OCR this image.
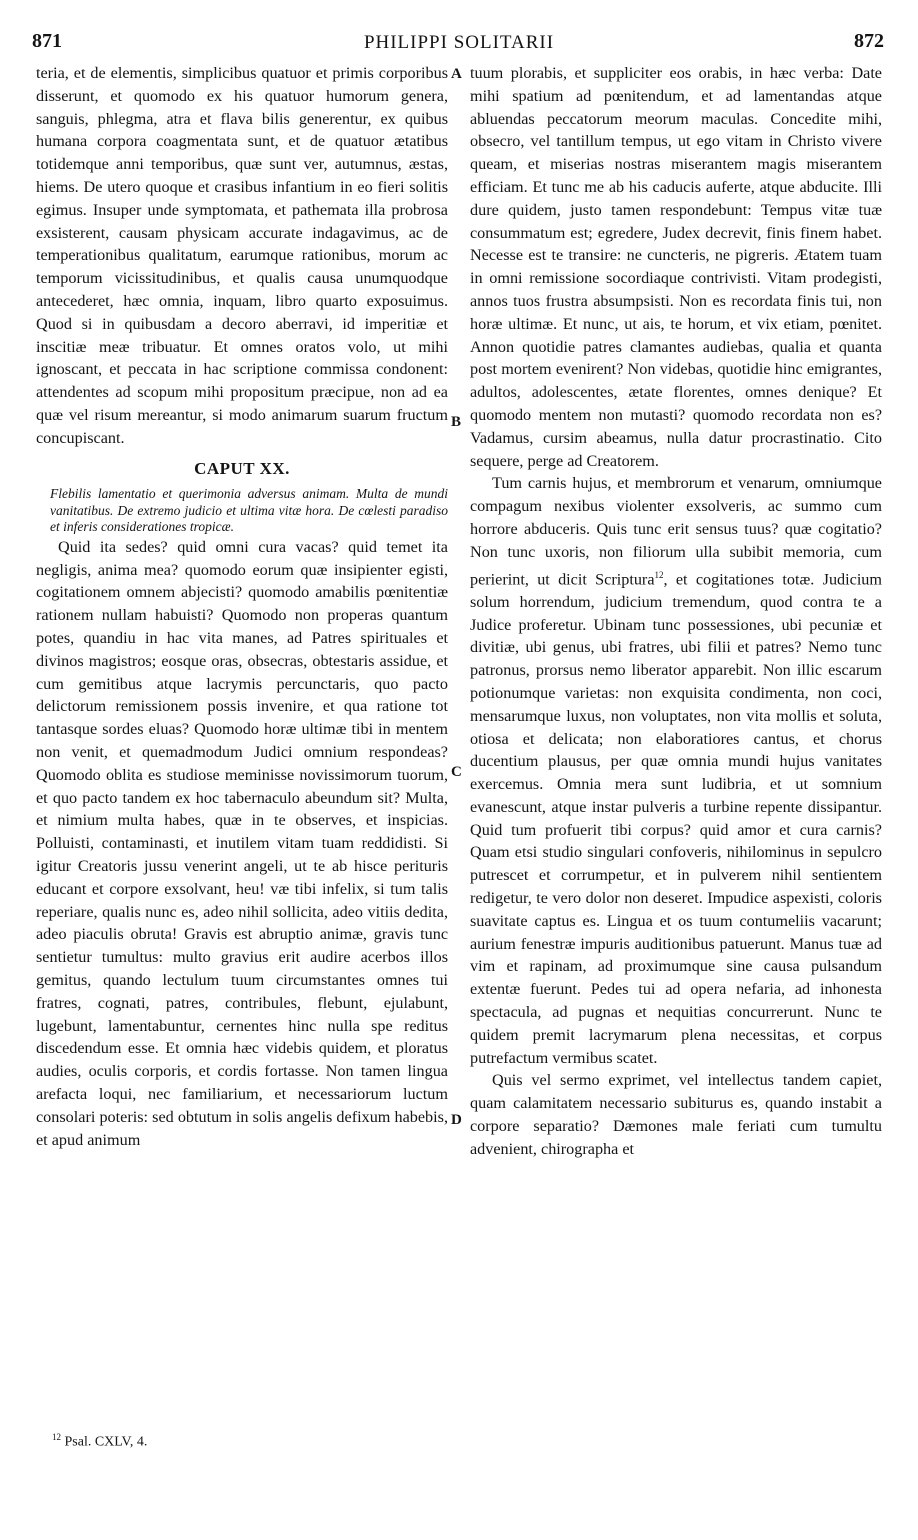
871	PHILIPPI SOLITARII	872

teria, et de elementis, simplicibus quatuor et primis corporibus disserunt, et quomodo ex his quatuor humorum genera, sanguis, phlegma, atra et flava bilis generentur, ex quibus humana corpora coagmentata sunt, et de quatuor ætatibus totidemque anni temporibus, quæ sunt ver, autumnus, æstas, hiems. De utero quoque et crasibus infantium in eo fieri solitis egimus. Insuper unde symptomata, et pathemata illa probrosa exsisterent, causam physicam accurate indagavimus, ac de temperationibus qualitatum, earumque rationibus, morum ac temporum vicissitudinibus, et qualis causa unumquodque antecederet, hæc omnia, inquam, libro quarto exposuimus. Quod si in quibusdam a decoro aberravi, id imperitiæ et inscitiæ meæ tribuatur. Et omnes oratos volo, ut mihi ignoscant, et peccata in hac scriptione commissa condonent: attendentes ad scopum mihi propositum præcipue, non ad ea quæ vel risum mereantur, si modo animarum suarum fructum concupiscant.

CAPUT XX.

Flebilis lamentatio et querimonia adversus animam. Multa de mundi vanitatibus. De extremo judicio et ultima vitæ hora. De cœlesti paradiso et inferis considerationes tropicæ.

Quid ita sedes? quid omni cura vacas? quid temet ita negligis, anima mea? quomodo eorum quæ insipienter egisti, cogitationem omnem abjecisti? quomodo amabilis pœnitentiæ rationem nullam habuisti? Quomodo non properas quantum potes, quandiu in hac vita manes, ad Patres spirituales et divinos magistros; eosque oras, obsecras, obtestaris assidue, et cum gemitibus atque lacrymis percunctaris, quo pacto delictorum remissionem possis invenire, et qua ratione tot tantasque sordes eluas? Quomodo horæ ultimæ tibi in mentem non venit, et quemadmodum Judici omnium respondeas? Quomodo oblita es studiose meminisse novissimorum tuorum, et quo pacto tandem ex hoc tabernaculo abeundum sit? Multa, et nimium multa habes, quæ in te observes, et inspicias. Polluisti, contaminasti, et inutilem vitam tuam reddidisti. Si igitur Creatoris jussu venerint angeli, ut te ab hisce perituris educant et corpore exsolvant, heu! væ tibi infelix, si tum talis reperiare, qualis nunc es, adeo nihil sollicita, adeo vitiis dedita, adeo piaculis obruta! Gravis est abruptio animæ, gravis tunc sentietur tumultus: multo gravius erit audire acerbos illos gemitus, quando lectulum tuum circumstantes omnes tui fratres, cognati, patres, contribules, flebunt, ejulabunt, lugebunt, lamentabuntur, cernentes hinc nulla spe reditus discedendum esse. Et omnia hæc videbis quidem, et ploratus audies, oculis corporis, et cordis fortasse. Non tamen lingua arefacta loqui, nec familiarium, et necessariorum luctum consolari poteris: sed obtutum in solis angelis defixum habebis, et apud animum

tuum plorabis, et suppliciter eos orabis, in hæc verba: Date mihi spatium ad pœnitendum, et ad lamentandas atque abluendas peccatorum meorum maculas. Concedite mihi, obsecro, vel tantillum tempus, ut ego vitam in Christo vivere queam, et miserias nostras miserantem magis miserantem efficiam. Et tunc me ab his caducis auferte, atque abducite. Illi dure quidem, justo tamen respondebunt: Tempus vitæ tuæ consummatum est; egredere, Judex decrevit, finis finem habet. Necesse est te transire: ne cuncteris, ne pigreris. Ætatem tuam in omni remissione socordiaque contrivisti. Vitam prodegisti, annos tuos frustra absumpsisti. Non es recordata finis tui, non horæ ultimæ. Et nunc, ut ais, te horum, et vix etiam, pœnitet. Annon quotidie patres clamantes audiebas, qualia et quanta post mortem evenirent? Non videbas, quotidie hinc emigrantes, adultos, adolescentes, ætate florentes, omnes denique? Et quomodo mentem non mutasti? quomodo recordata non es? Vadamus, cursim abeamus, nulla datur procrastinatio. Cito sequere, perge ad Creatorem.

Tum carnis hujus, et membrorum et venarum, omniumque compagum nexibus violenter exsolveris, ac summo cum horrore abduceris. Quis tunc erit sensus tuus? quæ cogitatio? Non tunc uxoris, non filiorum ulla subibit memoria, cum perierint, ut dicit Scriptura$^{12}$, et cogitationes totæ. Judicium solum horrendum, judicium tremendum, quod contra te a Judice proferetur. Ubinam tunc possessiones, ubi pecuniæ et divitiæ, ubi genus, ubi fratres, ubi filii et patres? Nemo tunc patronus, prorsus nemo liberator apparebit. Non illic escarum potionumque varietas: non exquisita condimenta, non coci, mensarumque luxus, non voluptates, non vita mollis et soluta, otiosa et delicata; non elaboratiores cantus, et chorus ducentium plausus, per quæ omnia mundi hujus vanitates exercemus. Omnia mera sunt ludibria, et ut somnium evanescunt, atque instar pulveris a turbine repente dissipantur. Quid tum profuerit tibi corpus? quid amor et cura carnis? Quam etsi studio singulari confoveris, nihilominus in sepulcro putrescet et corrumpetur, et in pulverem nihil sentientem redigetur, te vero dolor non deseret. Impudice aspexisti, coloris suavitate captus es. Lingua et os tuum contumeliis vacarunt; aurium fenestræ impuris auditionibus patuerunt. Manus tuæ ad vim et rapinam, ad proximumque sine causa pulsandum extentæ fuerunt. Pedes tui ad opera nefaria, ad inhonesta spectacula, ad pugnas et nequitias concurrerunt. Nunc te quidem premit lacrymarum plena necessitas, et corpus putrefactum vermibus scatet.

Quis vel sermo exprimet, vel intellectus tandem capiet, quam calamitatem necessario subiturus es, quando instabit a corpore separatio? Dæmones male feriati cum tumultu advenient, chirographa et

A
B
C
D
$^{12}$ Psal. CXLV, 4.
